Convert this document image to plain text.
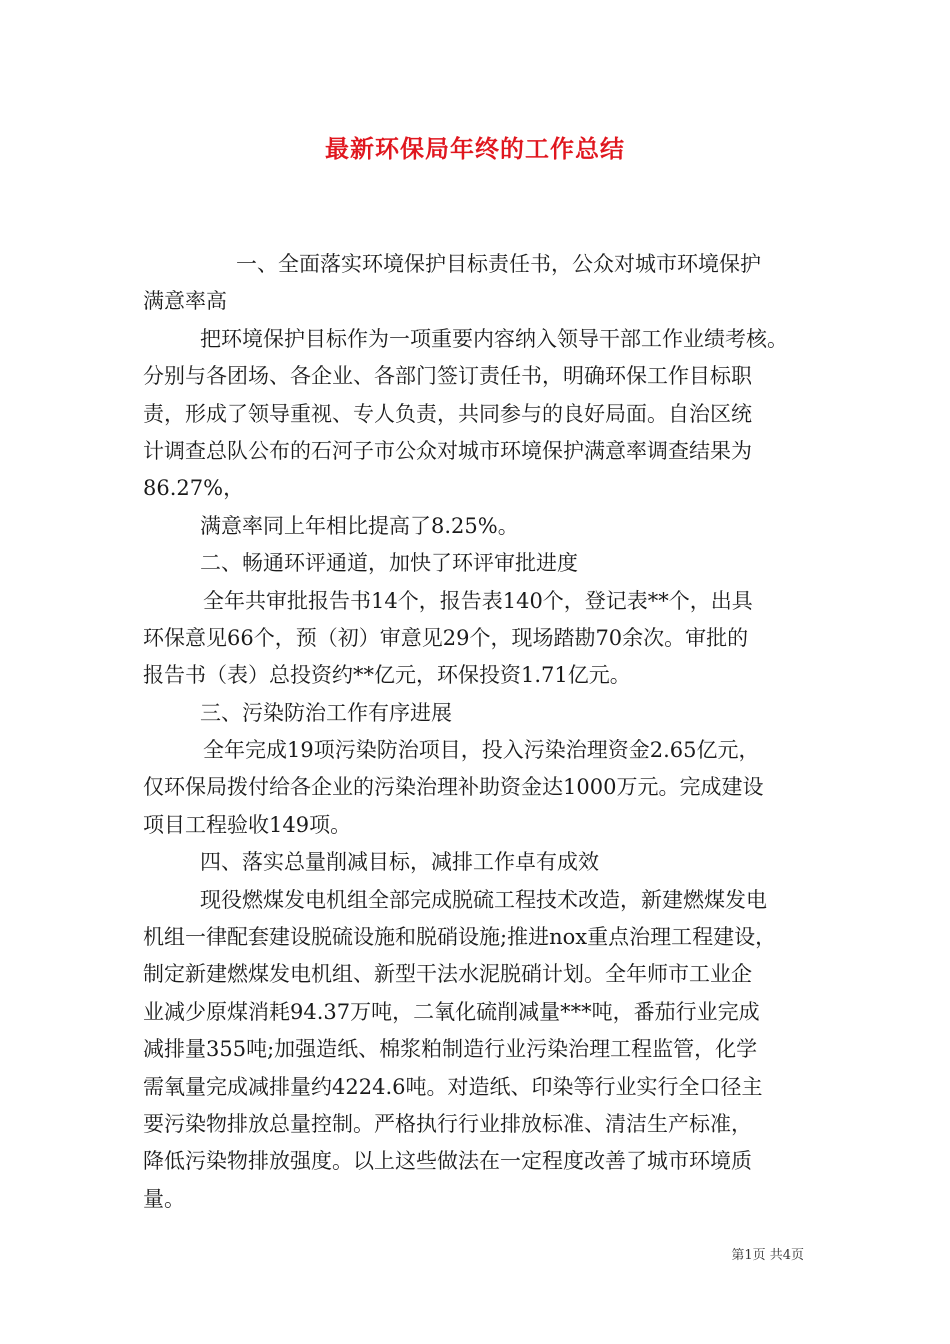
最新环保局年终的工作总结
一、全面落实环境保护目标责任书，公众对城市环境保护
满意率高
把环境保护目标作为一项重要内容纳入领导干部工作业绩考核。
分别与各团场、各企业、各部门签订责任书，明确环保工作目标职
责，形成了领导重视、专人负责，共同参与的良好局面。自治区统
计调查总队公布的石河子市公众对城市环境保护满意率调查结果为
86.27%，
满意率同上年相比提高了8.25%。
二、畅通环评通道，加快了环评审批进度
全年共审批报告书14个，报告表140个，登记表**个，出具
环保意见66个，预（初）审意见29个，现场踏勘70余次。审批的
报告书（表）总投资约**亿元，环保投资1.71亿元。
三、污染防治工作有序进展
全年完成19项污染防治项目，投入污染治理资金2.65亿元，
仅环保局拨付给各企业的污染治理补助资金达1000万元。完成建设
项目工程验收149项。
四、落实总量削减目标，减排工作卓有成效
现役燃煤发电机组全部完成脱硫工程技术改造，新建燃煤发电
机组一律配套建设脱硫设施和脱硝设施;推进nox重点治理工程建设，
制定新建燃煤发电机组、新型干法水泥脱硝计划。全年师市工业企
业减少原煤消耗94.37万吨，二氧化硫削减量***吨，番茄行业完成
减排量355吨;加强造纸、棉浆粕制造行业污染治理工程监管，化学
需氧量完成减排量约4224.6吨。对造纸、印染等行业实行全口径主
要污染物排放总量控制。严格执行行业排放标准、清洁生产标准，
降低污染物排放强度。以上这些做法在一定程度改善了城市环境质
量。
第1页 共4页
